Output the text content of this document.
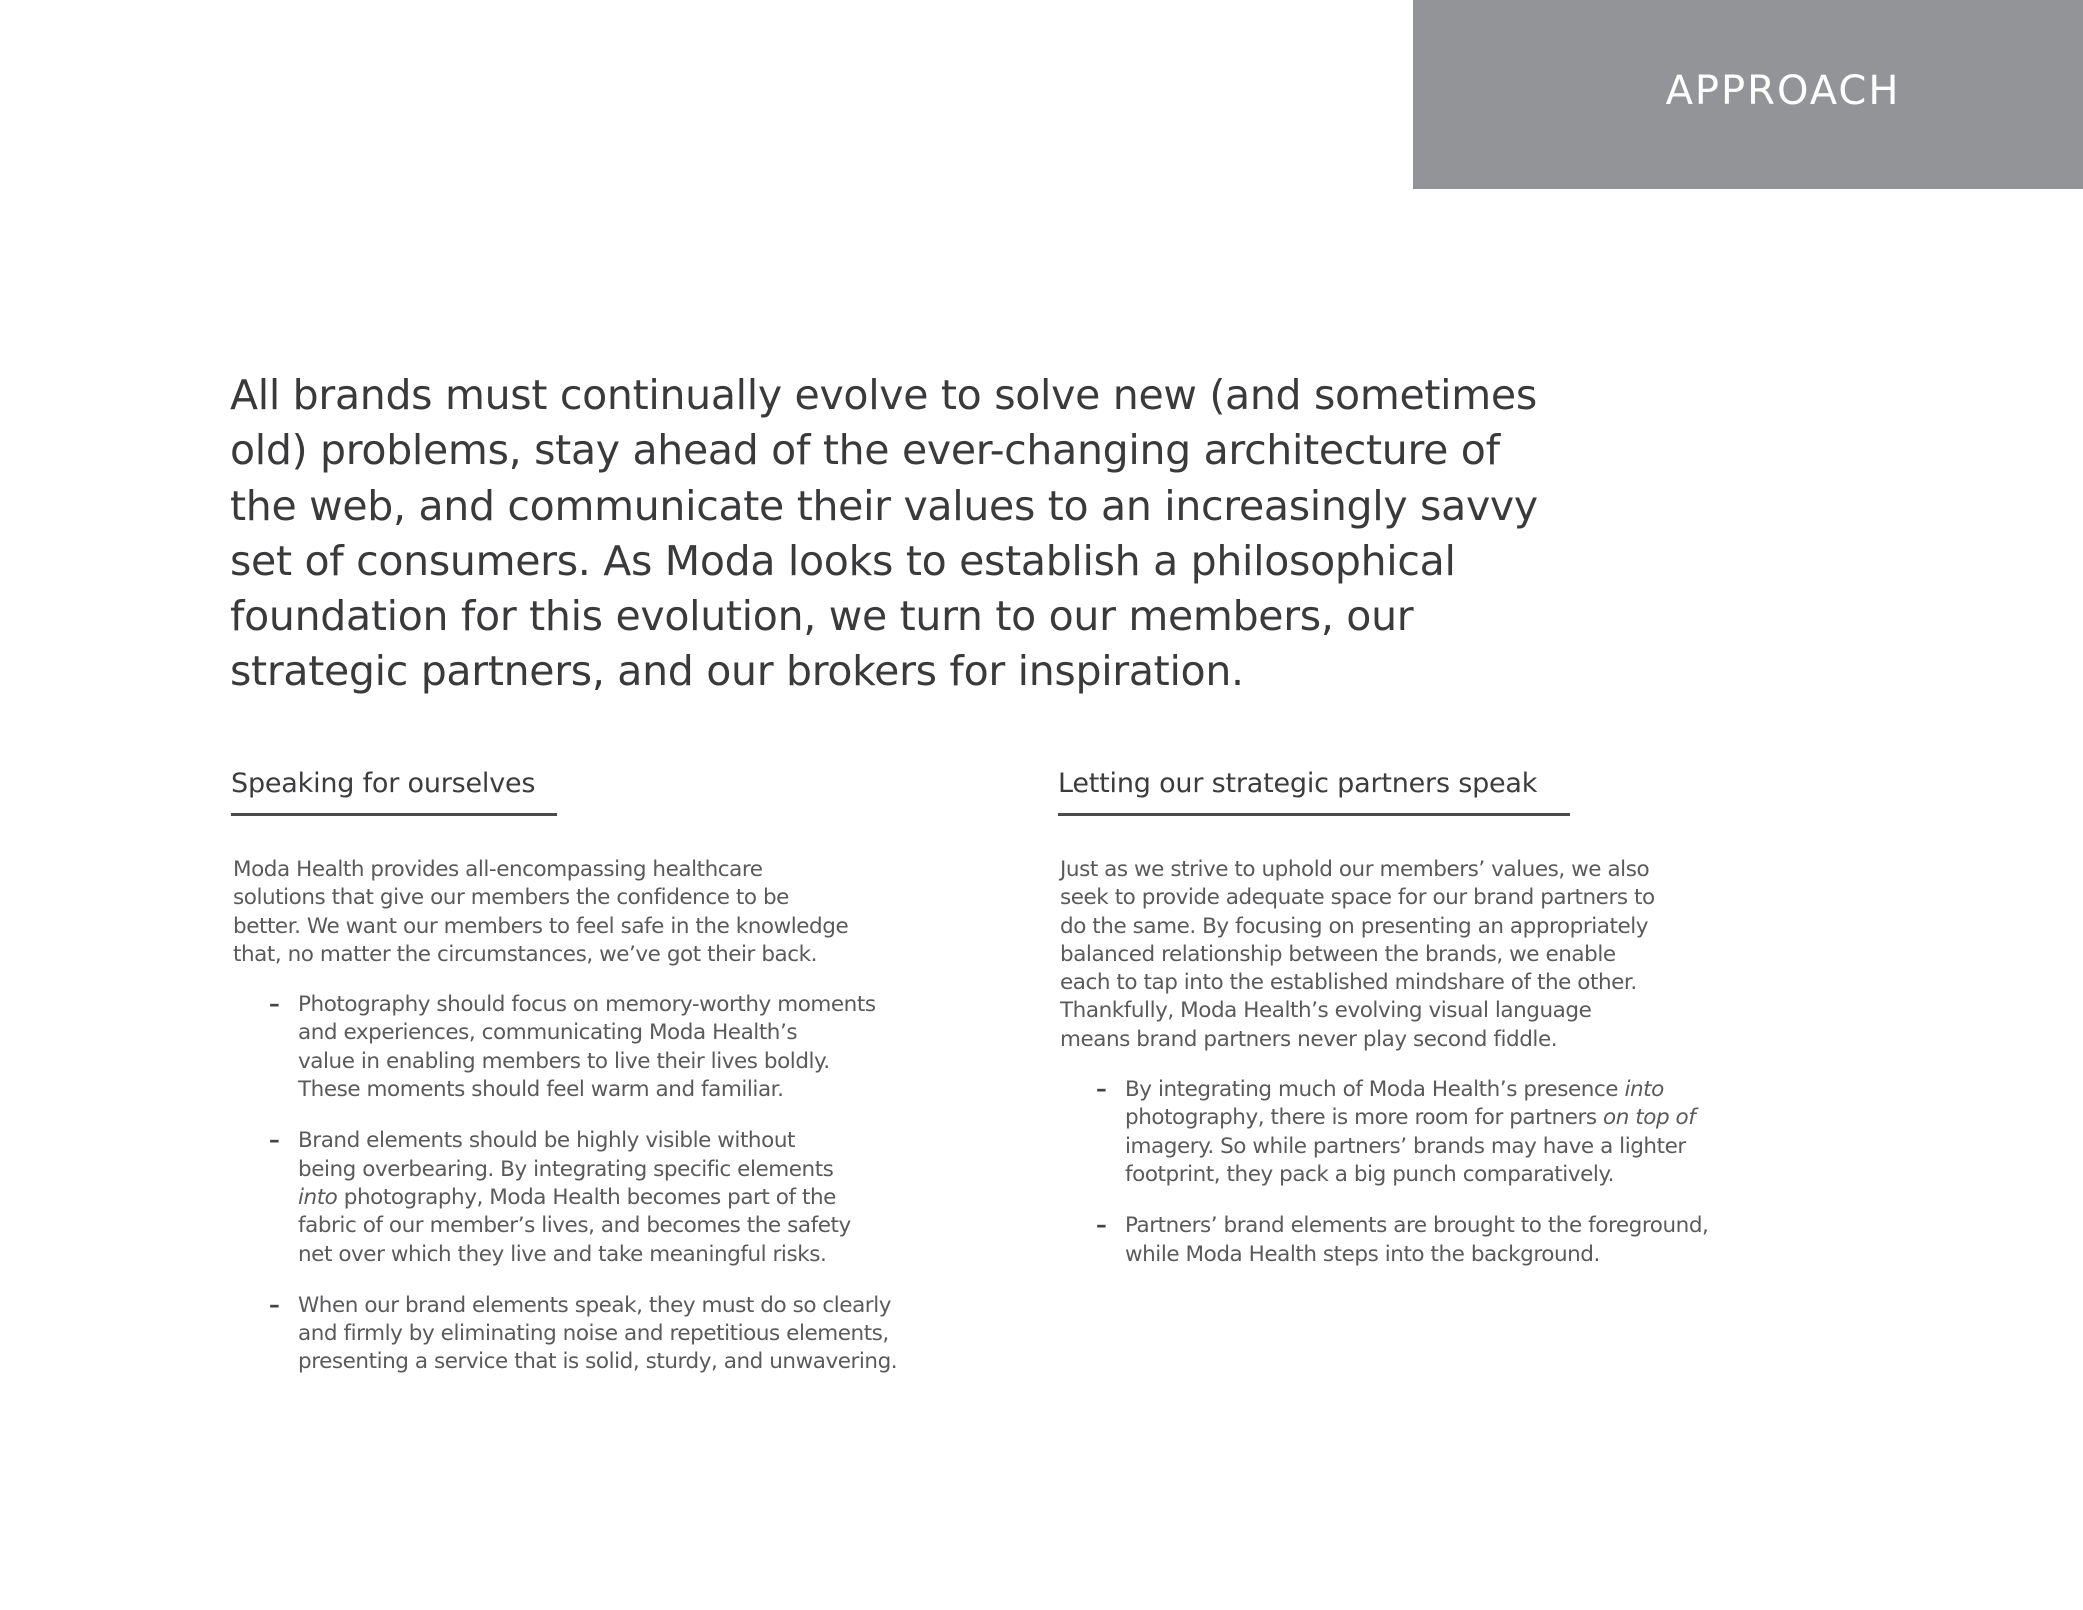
APPROACH

All brands must continually evolve to solve new (and sometimes
old) problems, stay ahead of the ever-changing architecture of
the web, and communicate their values to an increasingly savvy
set of consumers. As Moda looks to establish a philosophical
foundation for this evolution, we turn to our members, our
strategic partners, and our brokers for inspiration.

Speaking for ourselves

Moda Health provides all-encompassing healthcare
solutions that give our members the confidence to be
better. We want our members to feel safe in the knowledge
that, no matter the circumstances, we’ve got their back.

– Photography should focus on memory-worthy moments
and experiences, communicating Moda Health’s
value in enabling members to live their lives boldly.
These moments should feel warm and familiar.
– Brand elements should be highly visible without
being overbearing. By integrating specific elements
into photography, Moda Health becomes part of the
fabric of our member’s lives, and becomes the safety
net over which they live and take meaningful risks.
– When our brand elements speak, they must do so clearly
and firmly by eliminating noise and repetitious elements,
presenting a service that is solid, sturdy, and unwavering.
Letting our strategic partners speak

Just as we strive to uphold our members’ values, we also
seek to provide adequate space for our brand partners to
do the same. By focusing on presenting an appropriately
balanced relationship between the brands, we enable
each to tap into the established mindshare of the other.
Thankfully, Moda Health’s evolving visual language
means brand partners never play second fiddle.

– By integrating much of Moda Health’s presence into
photography, there is more room for partners on top of
imagery. So while partners’ brands may have a lighter
footprint, they pack a big punch comparatively.
– Partners’ brand elements are brought to the foreground,
while Moda Health steps into the background.
